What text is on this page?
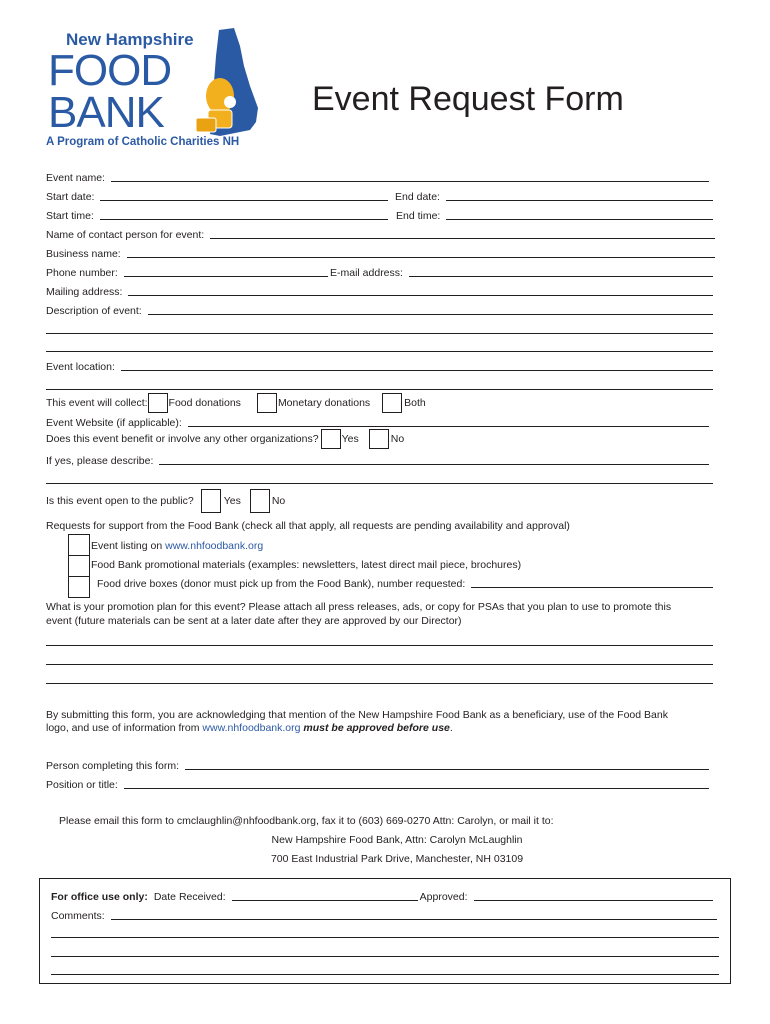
New Hampshire
FOOD
BANK
A Program of Catholic Charities NH
Event Request Form
Event name:
Start date:	End date:
Start time:	End time:
Name of contact person for event:
Business name:
Phone number:	E-mail address:
Mailing address:
Description of event:
Event location:
This event will collect: Food donations	Monetary donations	Both
Event Website (if applicable):
Does this event benefit or involve any other organizations? Yes	No
If yes, please describe:
Is this event open to the public?	Yes	No
Requests for support from the Food Bank (check all that apply, all requests are pending availability and approval)
Event listing on www.nhfoodbank.org
Food Bank promotional materials (examples: newsletters, latest direct mail piece, brochures)
Food drive boxes (donor must pick up from the Food Bank), number requested:
What is your promotion plan for this event? Please attach all press releases, ads, or copy for PSAs that you plan to use to promote this
event (future materials can be sent at a later date after they are approved by our Director)
By submitting this form, you are acknowledging that mention of the New Hampshire Food Bank as a beneficiary, use of the Food Bank
logo, and use of information from www.nhfoodbank.org must be approved before use.
Person completing this form:
Position or title:
Please email this form to cmclaughlin@nhfoodbank.org, fax it to (603) 669-0270 Attn: Carolyn, or mail it to:
New Hampshire Food Bank, Attn: Carolyn McLaughlin
700 East Industrial Park Drive, Manchester, NH 03109
For office use only: Date Received:	Approved:
Comments:
